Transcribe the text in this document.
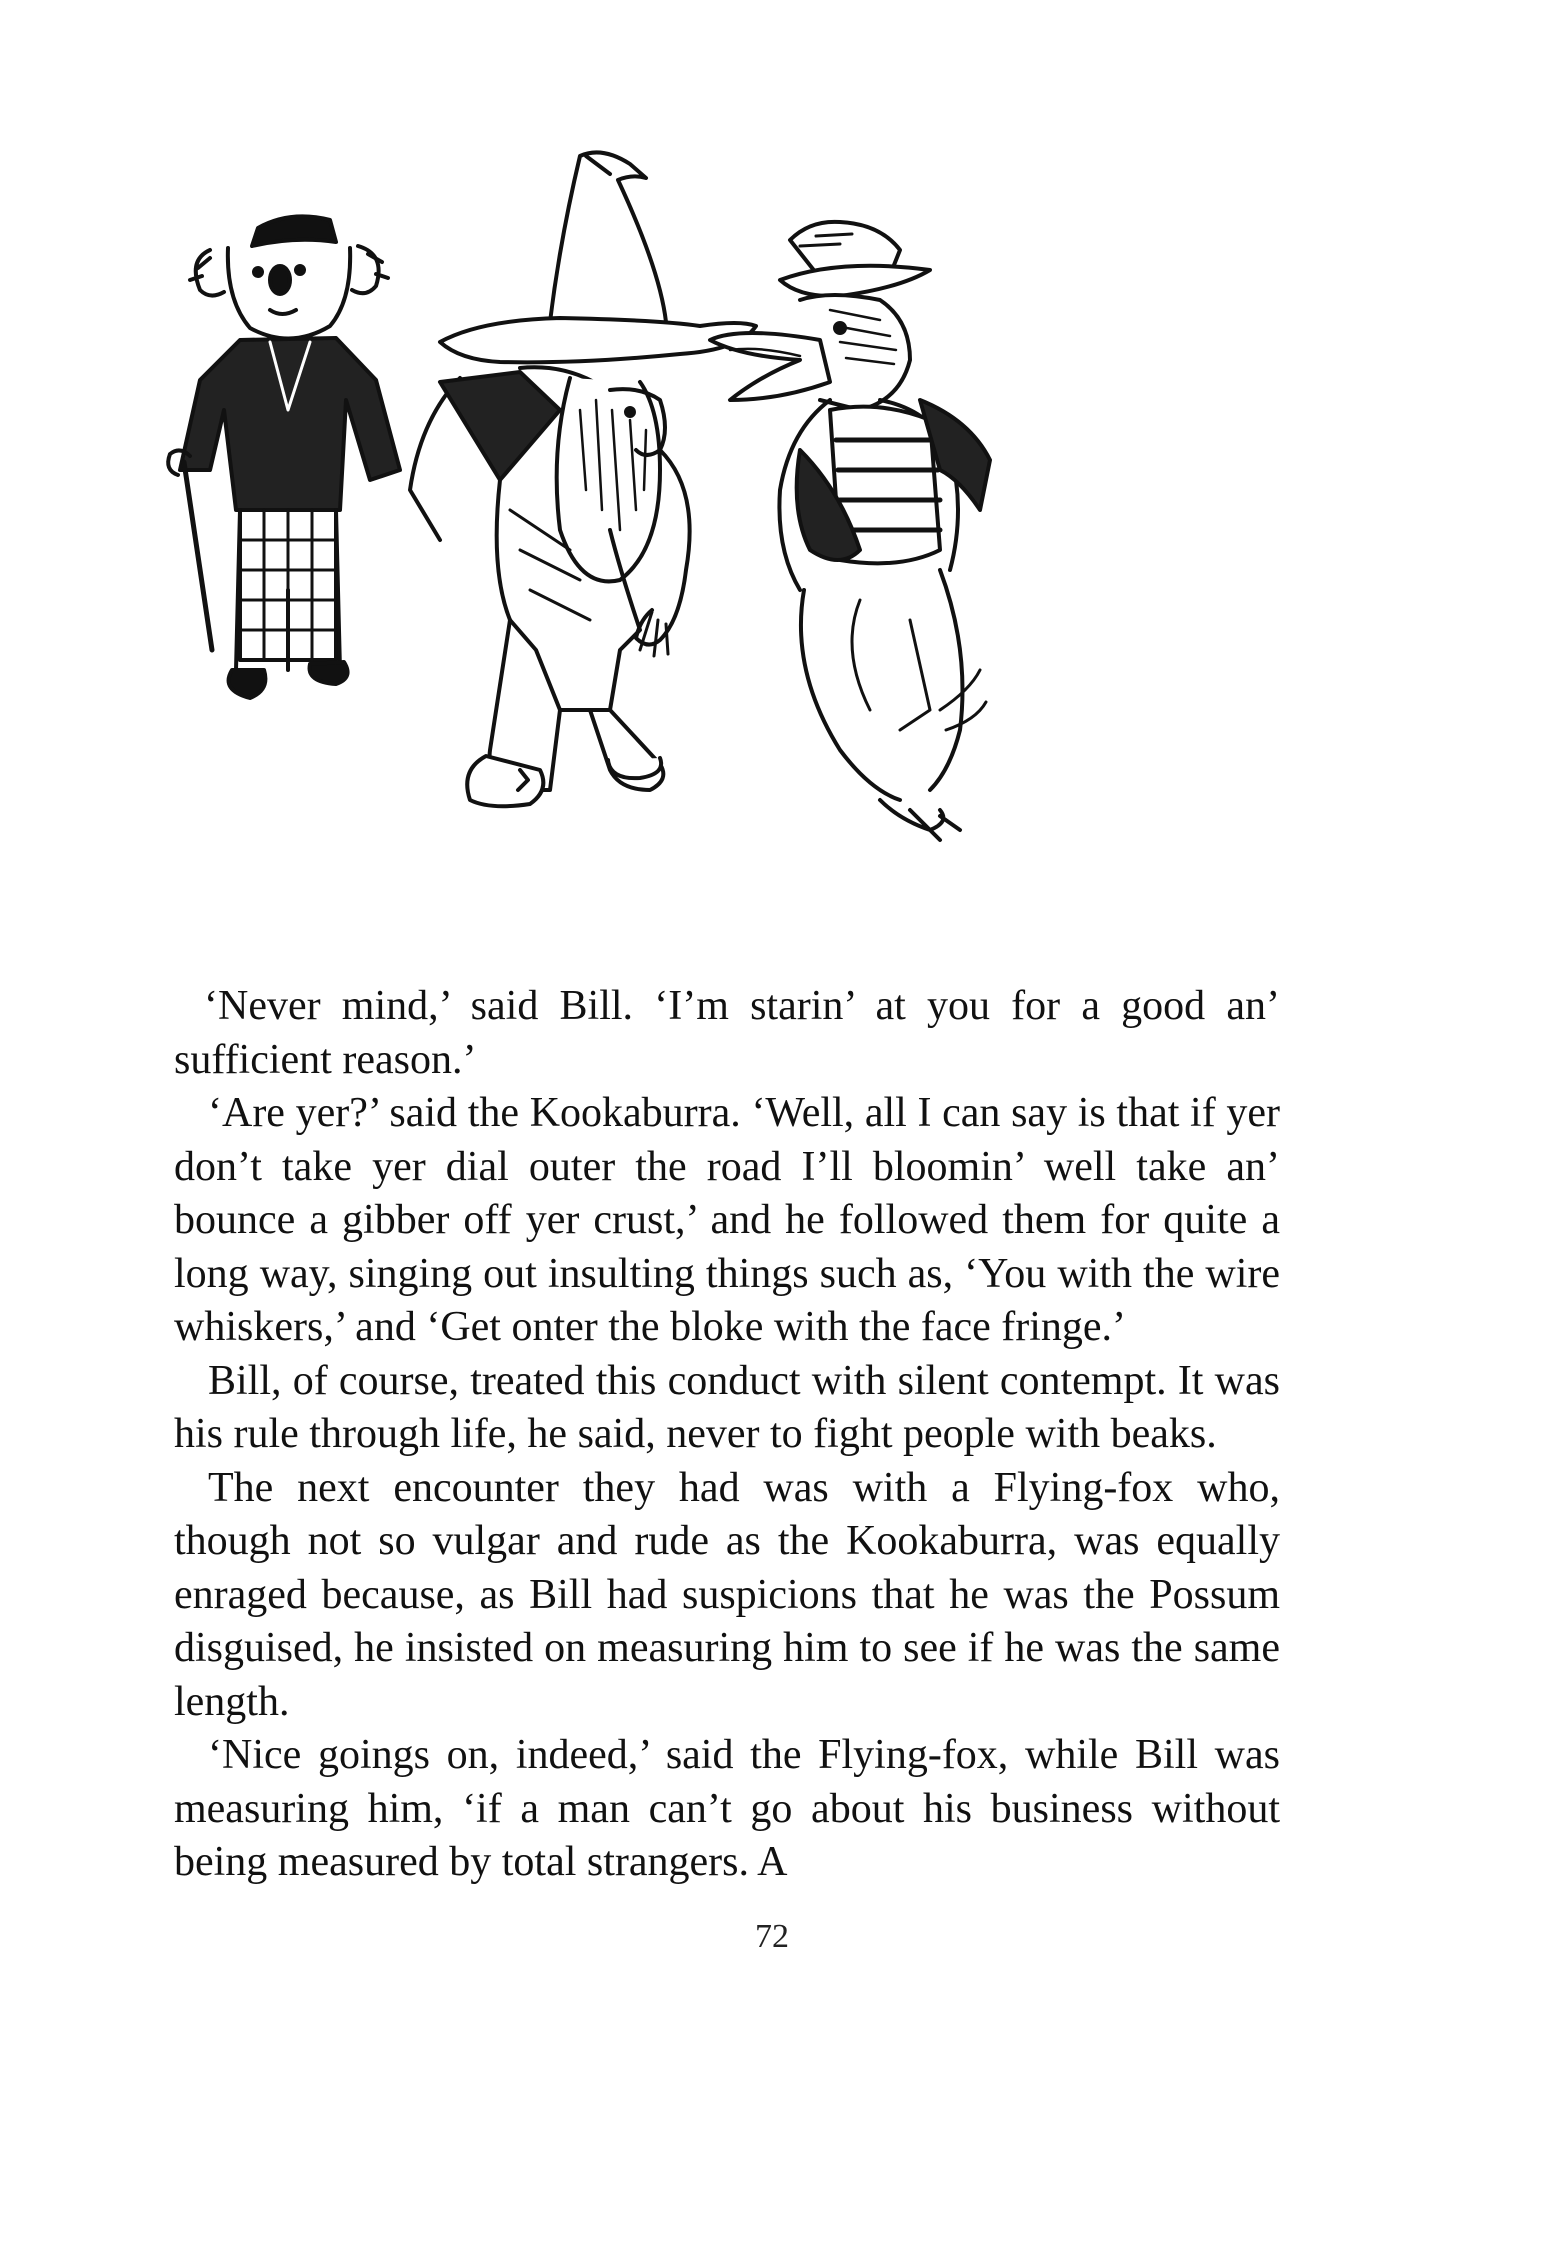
‘Never mind,’ said Bill. ‘I’m starin’ at you for a good an’ sufficient reason.’

‘Are yer?’ said the Kookaburra. ‘Well, all I can say is that if yer don’t take yer dial outer the road I’ll bloomin’ well take an’ bounce a gibber off yer crust,’ and he followed them for quite a long way, singing out insulting things such as, ‘You with the wire whiskers,’ and ‘Get onter the bloke with the face fringe.’

Bill, of course, treated this conduct with silent contempt. It was his rule through life, he said, never to fight people with beaks.

The next encounter they had was with a Flying-fox who, though not so vulgar and rude as the Kookaburra, was equally enraged because, as Bill had suspicions that he was the Possum disguised, he insisted on measuring him to see if he was the same length.

‘Nice goings on, indeed,’ said the Flying-fox, while Bill was measuring him, ‘if a man can’t go about his business without being measured by total strangers. A

72
